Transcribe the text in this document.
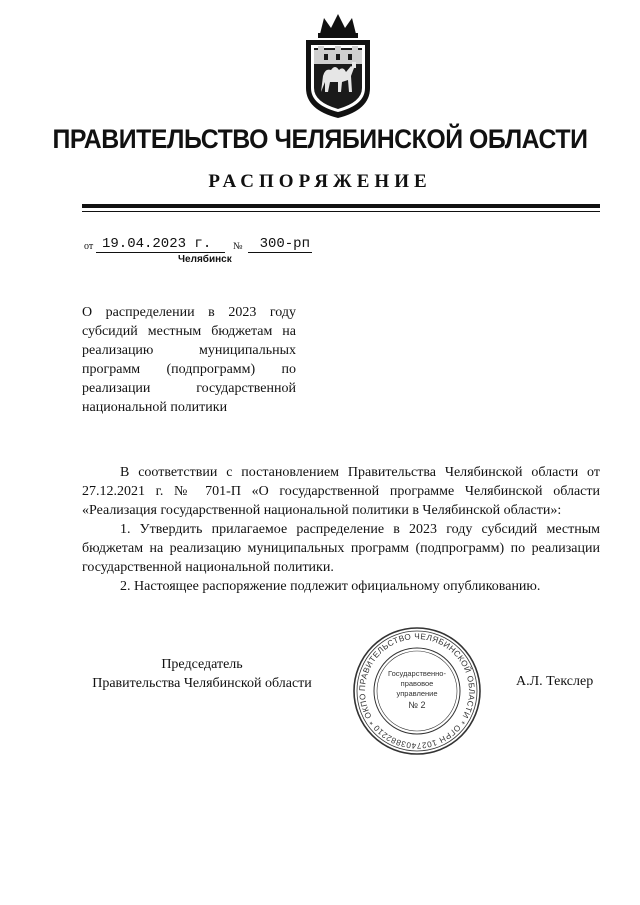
ПРАВИТЕЛЬСТВО ЧЕЛЯБИНСКОЙ ОБЛАСТИ
РАСПОРЯЖЕНИЕ
от 19.04.2023 г.	№	300-рп
Челябинск
О распределении в 2023 году субсидий местным бюджетам на реализацию муниципальных программ (подпрограмм) по реализации государственной национальной политики

В соответствии с постановлением Правительства Челябинской области от 27.12.2021 г. № 701-П «О государственной программе Челябинской области «Реализация государственной национальной политики в Челябинской области»:

1. Утвердить прилагаемое распределение в 2023 году субсидий местным бюджетам на реализацию муниципальных программ (подпрограмм) по реализации государственной национальной политики.

2. Настоящее распоряжение подлежит официальному опубликованию.

Председатель
Правительства Челябинской области	А.Л. Текслер
ПРАВИТЕЛЬСТВО ЧЕЛЯБИНСКОЙ ОБЛАСТИ * ОГРН 1027403882210 * ОКПО
Государственно-
правовое
управление
№ 2
